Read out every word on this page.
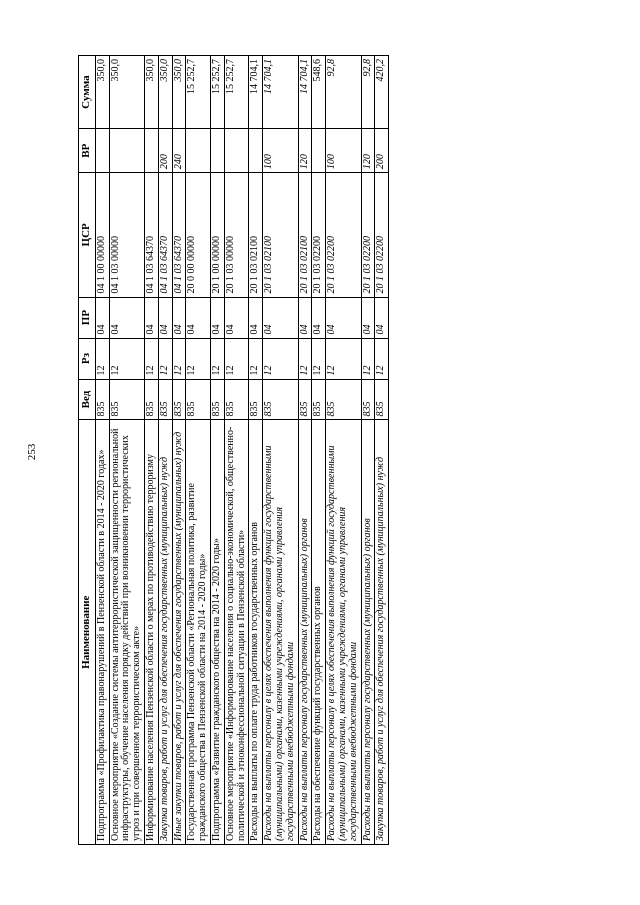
253
Наименование	Вед	Рз	ПР	ЦСР	ВР	Сумма
Подпрограмма «Профилактика правонарушений в Пензенской области в 2014 - 2020 годах»	835	12	04	04 1 00 00000		350,0
Основное мероприятие «Создание системы антитеррористической защищенности региональной инфраструктуры, обучение населения порядку действий при возникновении террористических угроз и при совершенном террористическом акте»	835	12	04	04 1 03 00000		350,0
Информирование населения Пензенской области о мерах по противодействию терроризму	835	12	04	04 1 03 64370		350,0
Закупка товаров, работ и услуг для обеспечения государственных (муниципальных) нужд	835	12	04	04 1 03 64370	200	350,0
Иные закупки товаров, работ и услуг для обеспечения государственных (муниципальных) нужд	835	12	04	04 1 03 64370	240	350,0
Государственная программа Пензенской области «Региональная политика, развитие гражданского общества в Пензенской области на 2014 - 2020 годы»	835	12	04	20 0 00 00000		15 252,7
Подпрограмма «Развитие гражданского общества на 2014 - 2020 годы»	835	12	04	20 1 00 00000		15 252,7
Основное мероприятие «Информирование населения о социально-экономической, общественно-политической и этноконфессиональной ситуации в Пензенской области»	835	12	04	20 1 03 00000		15 252,7
Расходы на выплаты по оплате труда работников государственных органов	835	12	04	20 1 03 02100		14 704,1
Расходы на выплаты персоналу в целях обеспечения выполнения функций государственными (муниципальными) органами, казенными учреждениями, органами управления государственными внебюджетными фондами	835	12	04	20 1 03 02100	100	14 704,1
Расходы на выплаты персоналу государственных (муниципальных) органов	835	12	04	20 1 03 02100	120	14 704,1
Расходы на обеспечение функций государственных органов	835	12	04	20 1 03 02200		548,6
Расходы на выплаты персоналу в целях обеспечения выполнения функций государственными (муниципальными) органами, казенными учреждениями, органами управления государственными внебюджетными фондами	835	12	04	20 1 03 02200	100	92,8
Расходы на выплаты персоналу государственных (муниципальных) органов	835	12	04	20 1 03 02200	120	92,8
Закупка товаров, работ и услуг для обеспечения государственных (муниципальных) нужд	835	12	04	20 1 03 02200	200	420,2
